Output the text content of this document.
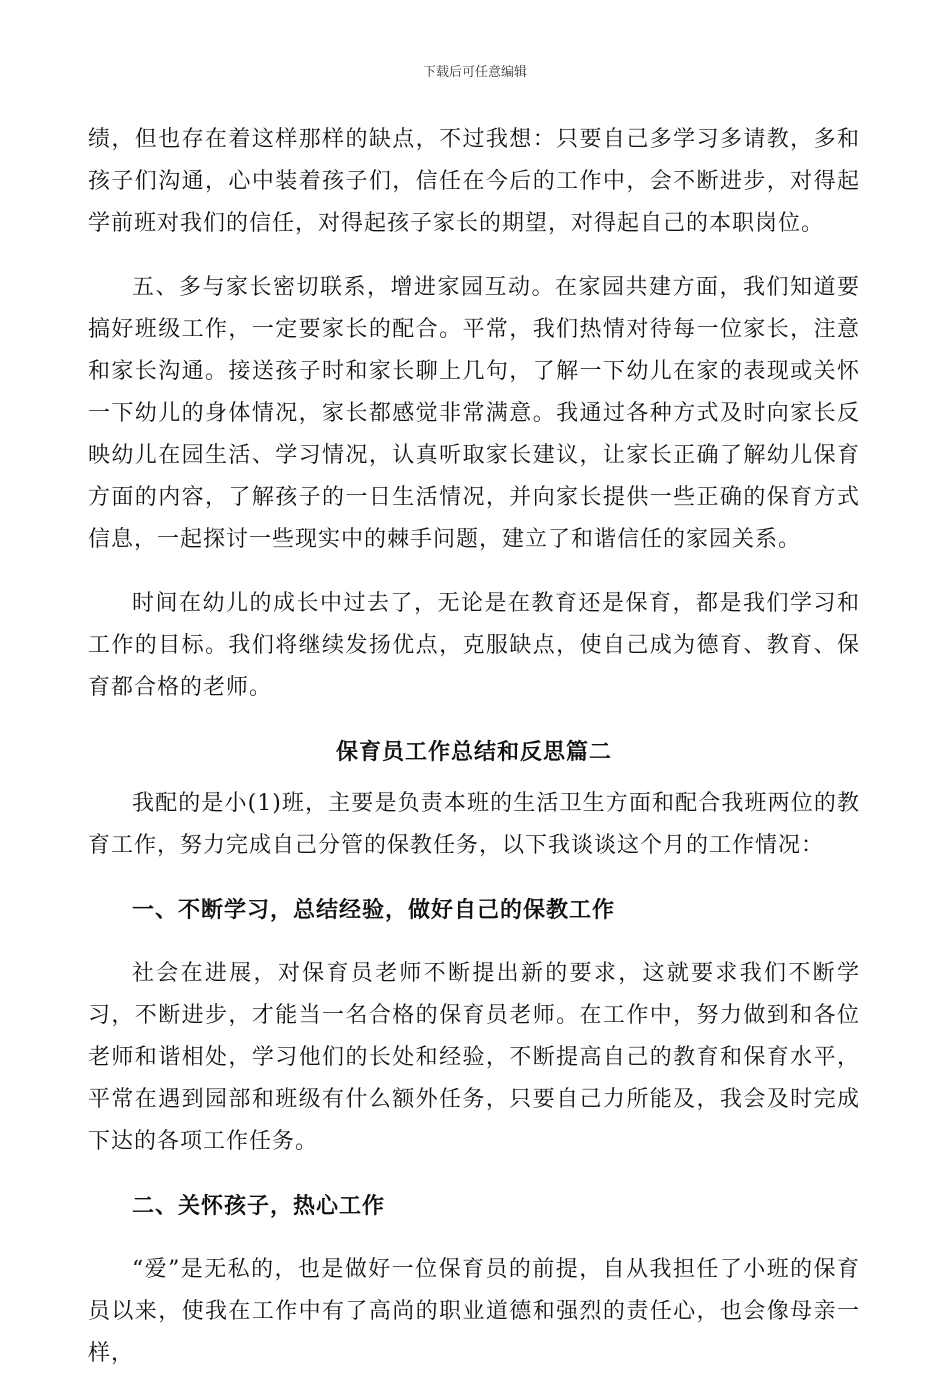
下载后可任意编辑

绩，但也存在着这样那样的缺点，不过我想：只要自己多学习多请教，多和孩子们沟通，心中装着孩子们，信任在今后的工作中，会不断进步，对得起学前班对我们的信任，对得起孩子家长的期望，对得起自己的本职岗位。

五、多与家长密切联系，增进家园互动。在家园共建方面，我们知道要搞好班级工作，一定要家长的配合。平常，我们热情对待每一位家长，注意和家长沟通。接送孩子时和家长聊上几句，了解一下幼儿在家的表现或关怀一下幼儿的身体情况，家长都感觉非常满意。我通过各种方式及时向家长反映幼儿在园生活、学习情况，认真听取家长建议，让家长正确了解幼儿保育方面的内容，了解孩子的一日生活情况，并向家长提供一些正确的保育方式信息，一起探讨一些现实中的棘手问题，建立了和谐信任的家园关系。

时间在幼儿的成长中过去了，无论是在教育还是保育，都是我们学习和工作的目标。我们将继续发扬优点，克服缺点，使自己成为德育、教育、保育都合格的老师。

保育员工作总结和反思篇二

我配的是小(1)班，主要是负责本班的生活卫生方面和配合我班两位的教育工作，努力完成自己分管的保教任务，以下我谈谈这个月的工作情况：

一、不断学习，总结经验，做好自己的保教工作

社会在进展，对保育员老师不断提出新的要求，这就要求我们不断学习，不断进步，才能当一名合格的保育员老师。在工作中，努力做到和各位老师和谐相处，学习他们的长处和经验，不断提高自己的教育和保育水平，平常在遇到园部和班级有什么额外任务，只要自己力所能及，我会及时完成下达的各项工作任务。

二、关怀孩子，热心工作

“爱”是无私的，也是做好一位保育员的前提，自从我担任了小班的保育员以来，使我在工作中有了高尚的职业道德和强烈的责任心，也会像母亲一样，
